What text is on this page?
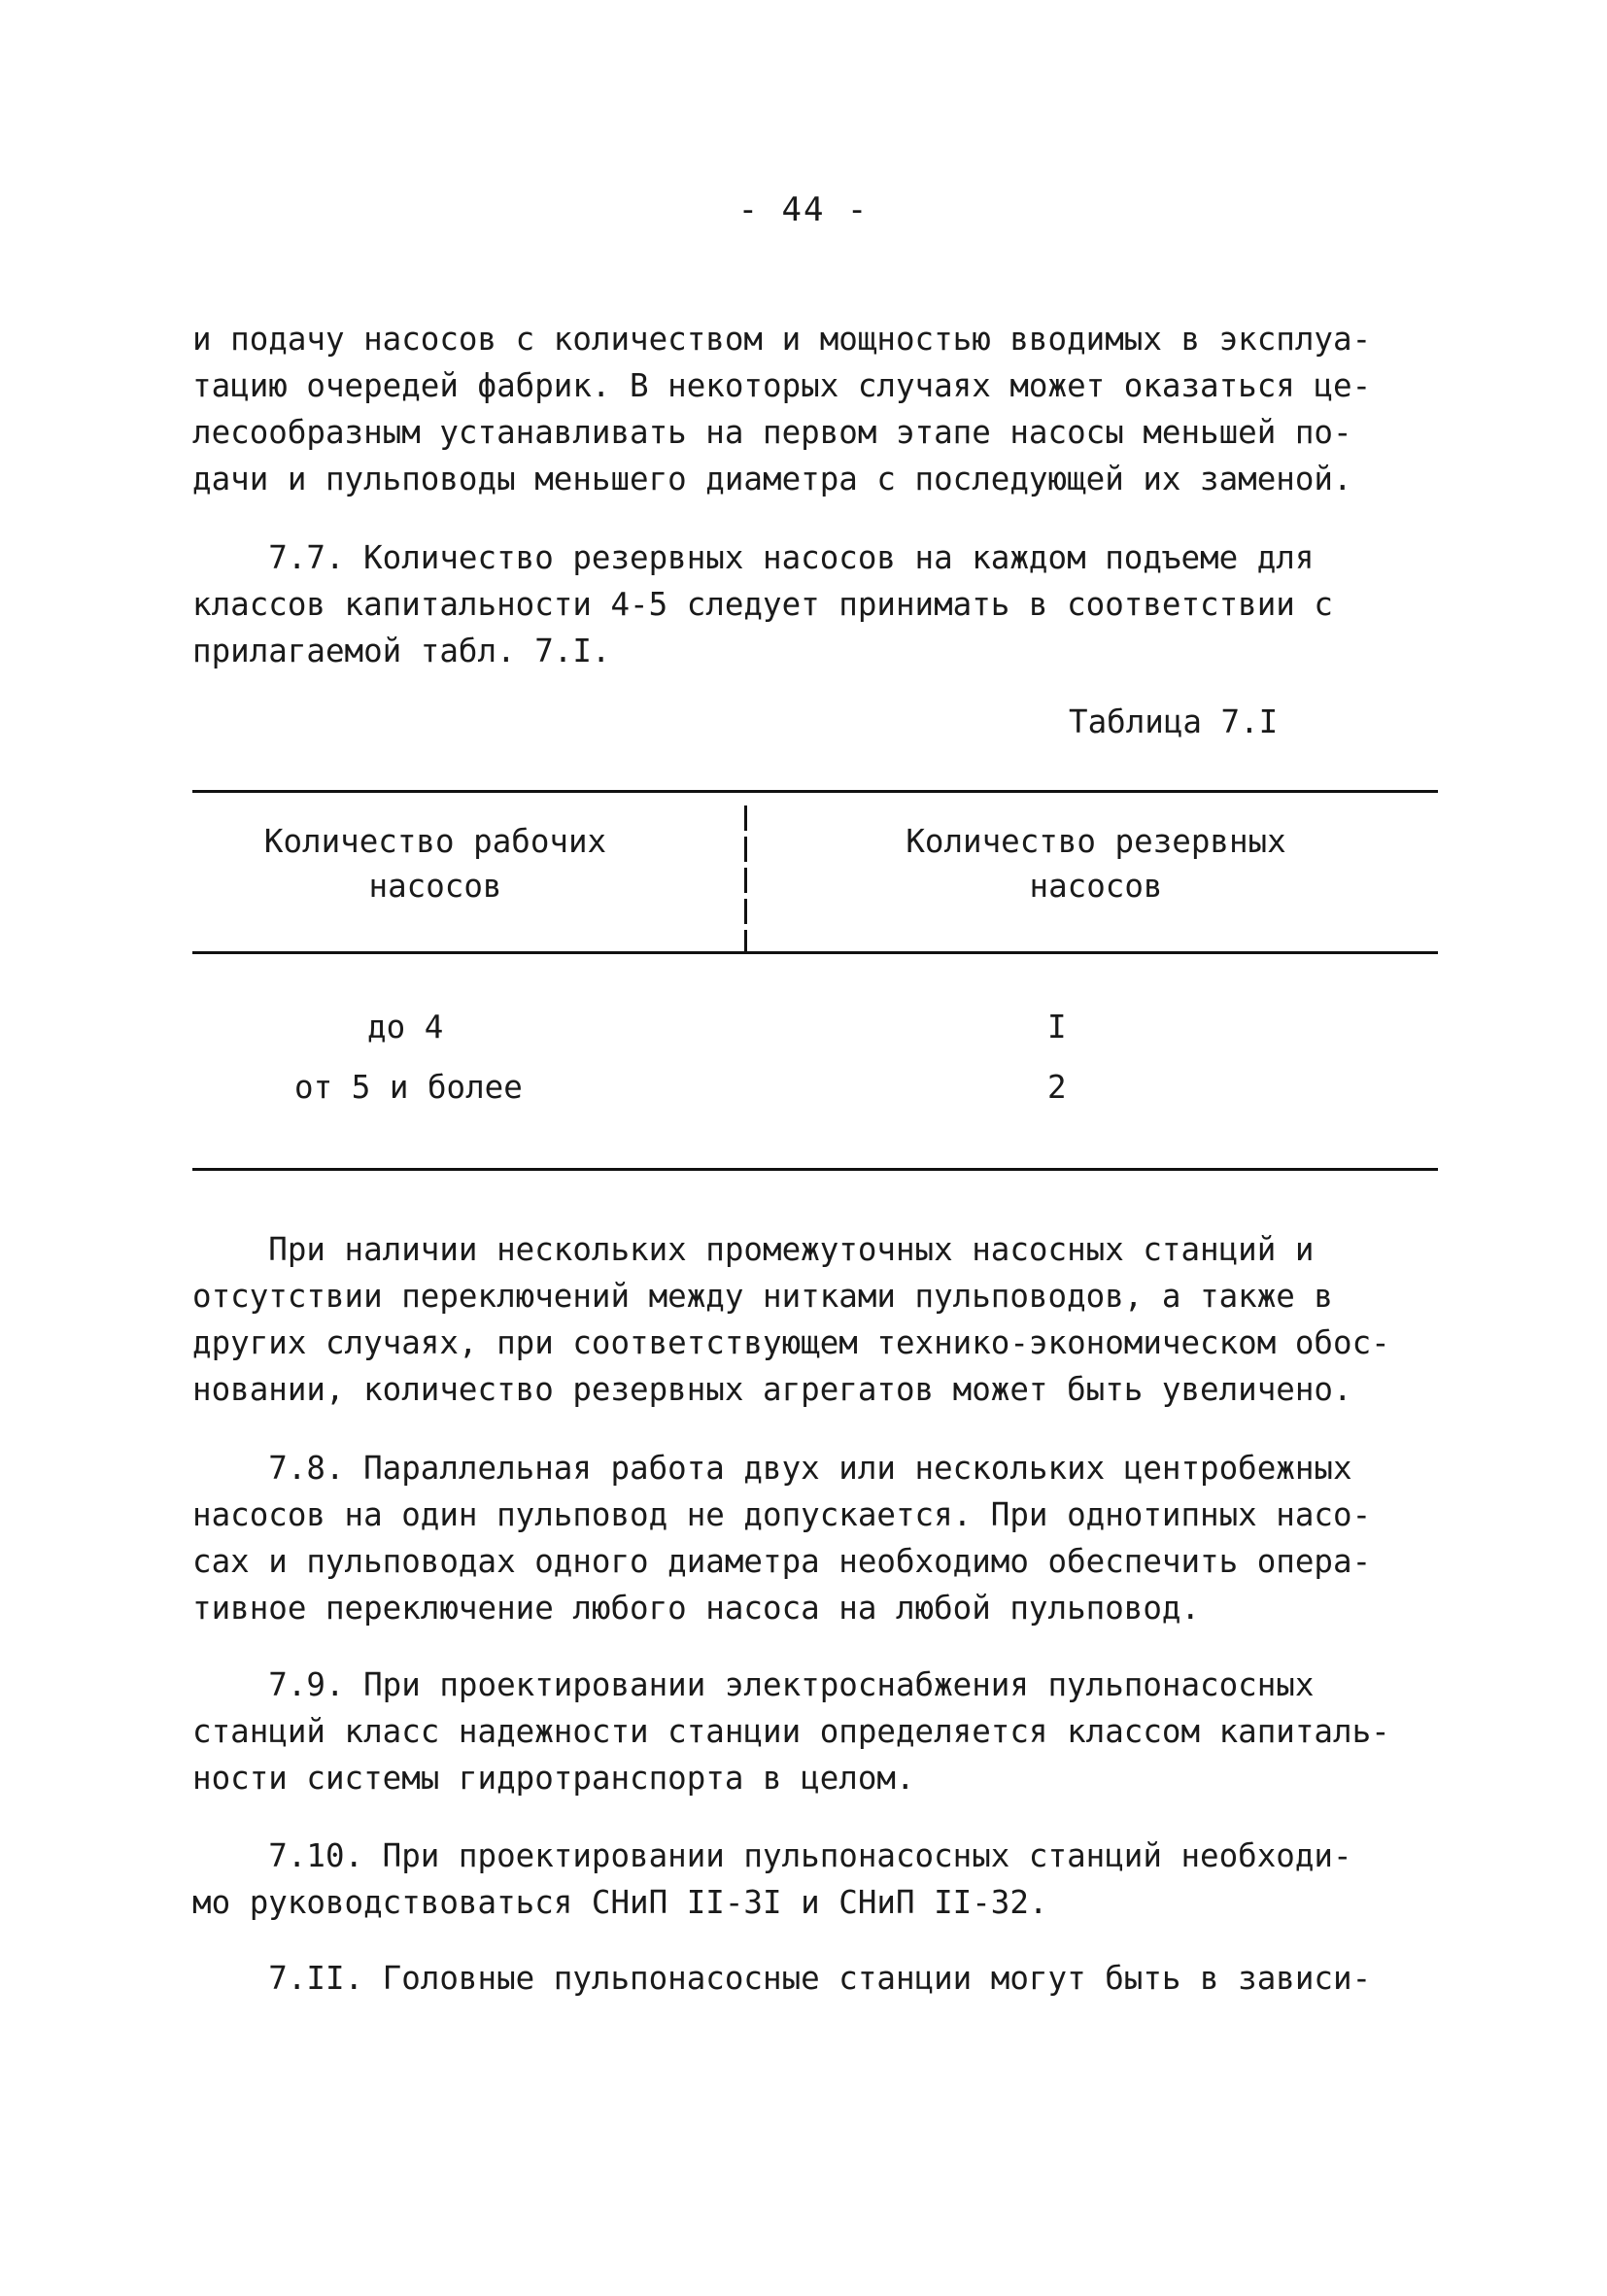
- 44 -

и подачу насосов с количеством и мощностью вводимых в эксплуа-
тацию очередей фабрик. В некоторых случаях может оказаться це-
лесообразным устанавливать на первом этапе насосы меньшей по-
дачи и пульповоды меньшего диаметра с последующей их заменой.

7.7. Количество резервных насосов на каждом подъеме для
классов капитальности 4-5 следует принимать в соответствии с
прилагаемой табл. 7.I.

Таблица 7.I
Количество рабочих
насосов
Количество резервных
насосов
до 4	I
от 5 и более	2

При наличии нескольких промежуточных насосных станций и
отсутствии переключений между нитками пульповодов, а также в
других случаях, при соответствующем технико-экономическом обос-
новании, количество резервных агрегатов может быть увеличено.

7.8. Параллельная работа двух или нескольких центробежных
насосов на один пульповод не допускается. При однотипных насо-
сах и пульповодах одного диаметра необходимо обеспечить опера-
тивное переключение любого насоса на любой пульповод.

7.9. При проектировании электроснабжения пульпонасосных
станций класс надежности станции определяется классом капиталь-
ности системы гидротранспорта в целом.

7.10. При проектировании пульпонасосных станций необходи-
мо руководствоваться СНиП II-3I и СНиП II-32.

7.II. Головные пульпонасосные станции могут быть в зависи-
